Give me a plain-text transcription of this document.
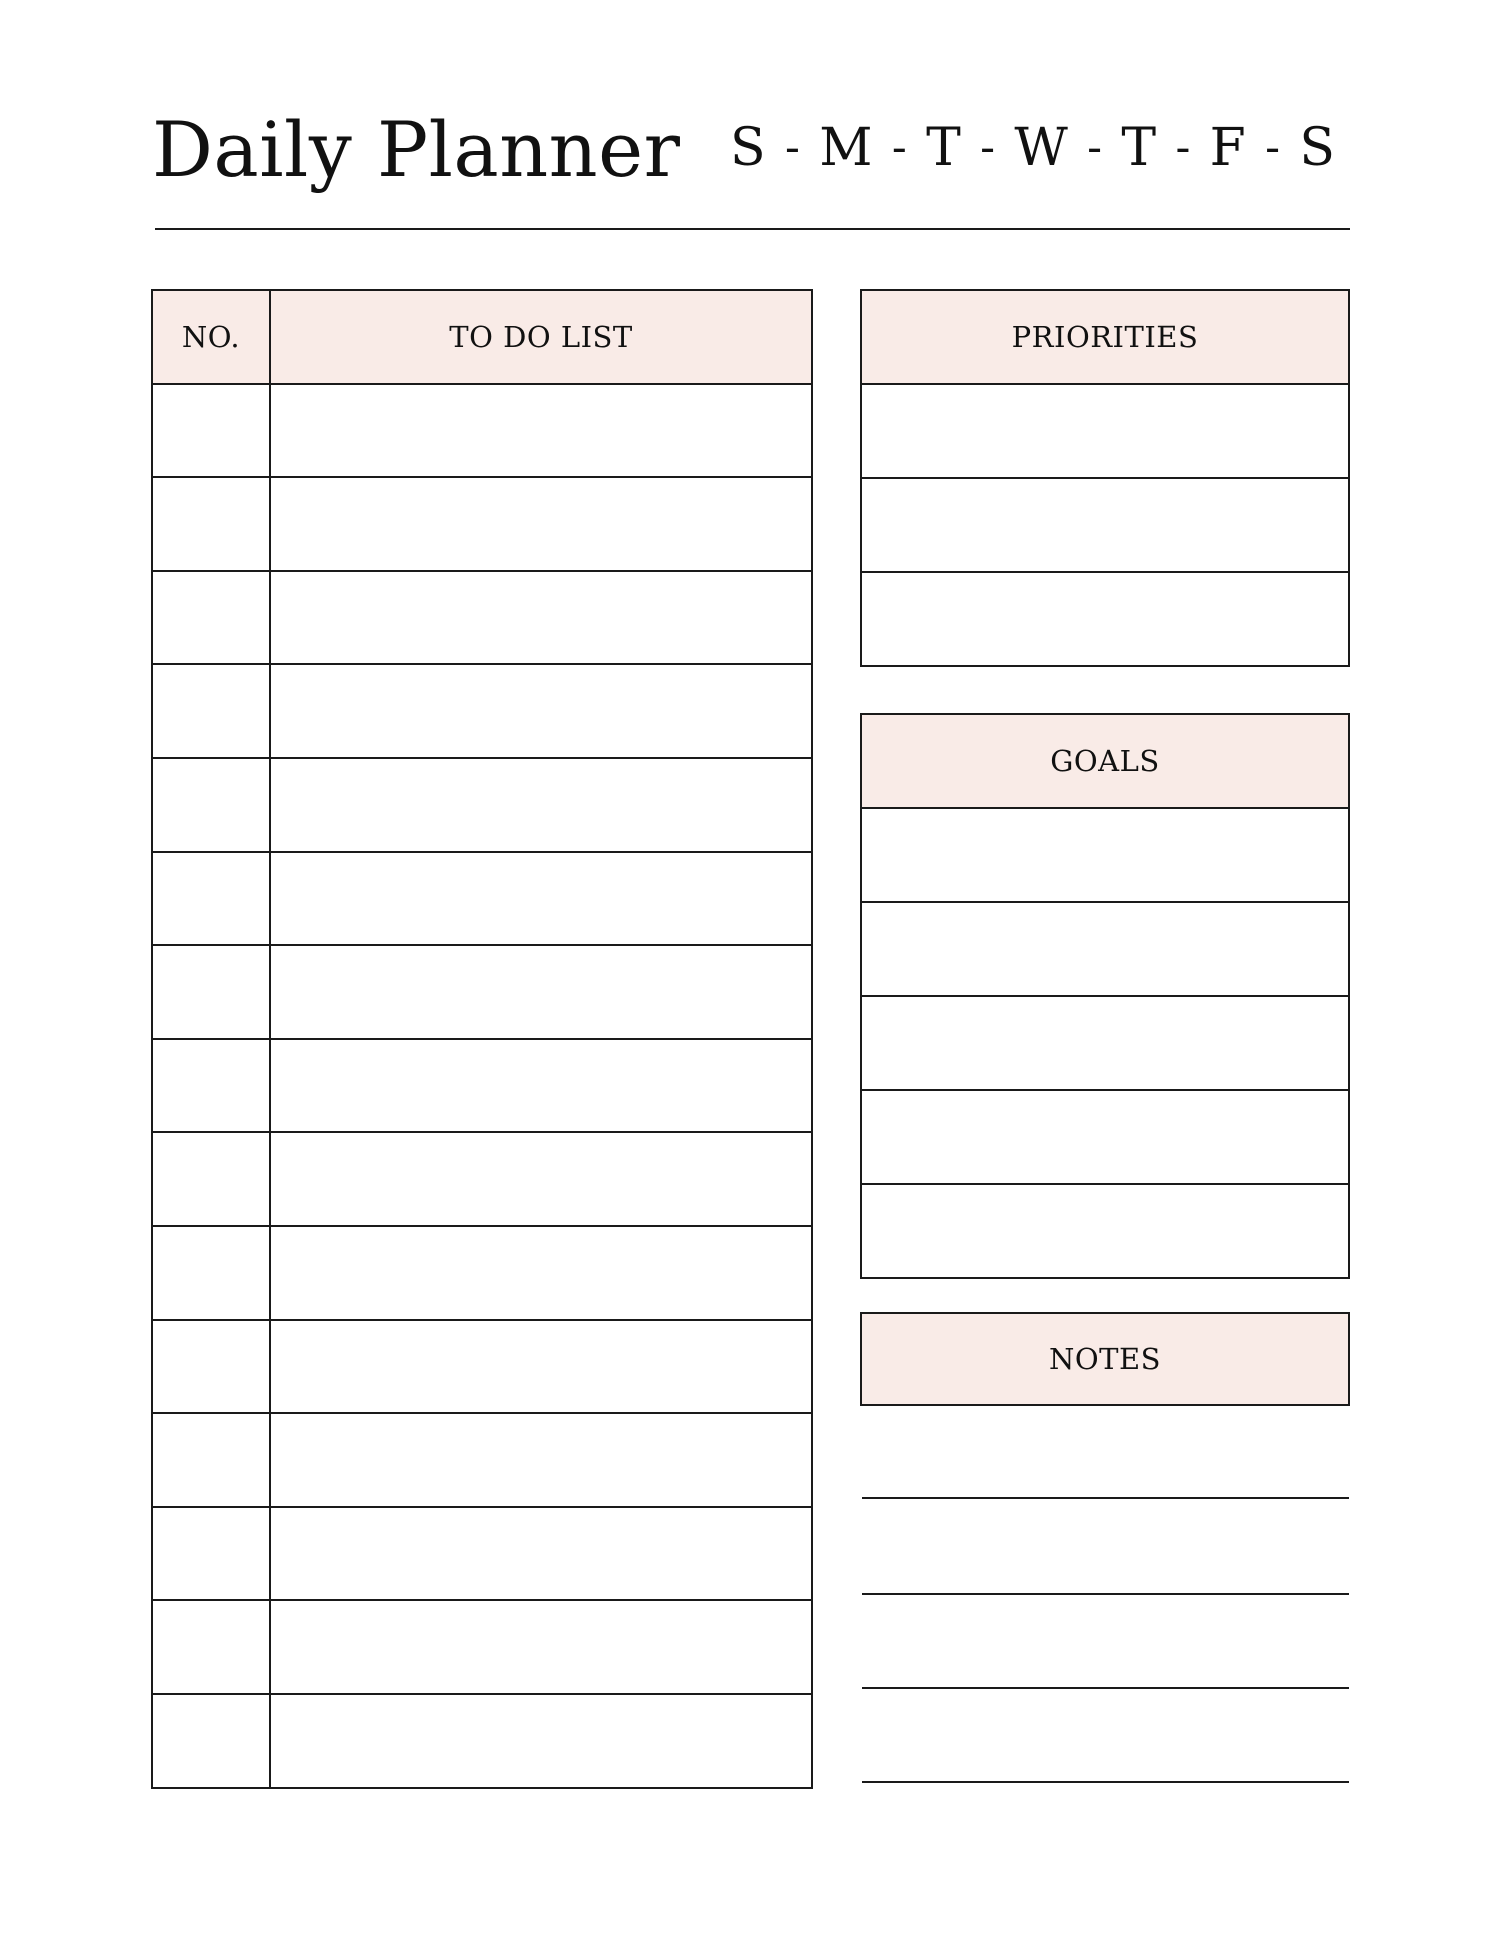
Daily Planner S - M - T - W - T - F - S
NO.	TO DO LIST

		PRIORITIES

GOALS

NOTES
